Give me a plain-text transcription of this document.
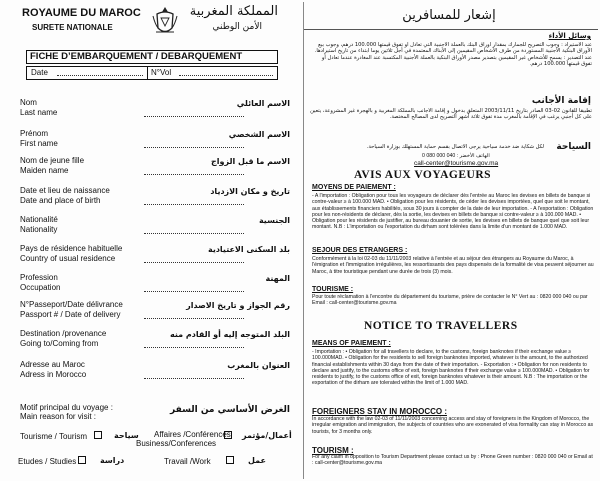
ROYAUME DU MAROC
SURETE NATIONALE
المملكة المغربية
الأمن الوطني
FICHE D’EMBARQUEMENT / DEBARQUEMENT
Date	N°Vol
Nom
Last name
الاسم العائلي
Prénom
First name
الاسم الشخصي
Nom de jeune fille
Maiden name
الاسم ما قبل الزواج
Date et lieu de naissance
Date and place of birth
تاريخ و مكان الازدياد
Nationalité
Nationality
الجنسية
Pays de résidence habituelle
Country of usual residence
بلد السكنى الاعتيادية
Profession
Occupation
المهنة
N°Passeport/Date délivrance
Passport # / Date of delivery
رقم الجواز و تاريخ الاصدار
Destination /provenance
Going to/Coming from
البلد المتوجه إليه أو القادم منه
Adresse au Maroc
Adress in Morocco
العنوان بالمغرب
Motif principal du voyage :
Main reason for visit :
الغرض الأساسي من السفر
Tourisme / Tourism	سياحة Affaires /Conférences
Business/Conferences
أعمال/مؤتمر
Etudes / Studies	دراسة	Travail /Work	عمل
إشعار للمسافرين
وسائل الأداء
عند الاستيراد : وجوب التصريح للجمارك بمقدار أوراق البنك بالعملة الأجنبية التي تعادل أو تفوق قيمتها 100.000 درهم، وجوب بيع الأوراق البنكية الأجنبية المستوردة من طرف الأشخاص المقيمين إلى الأبناك المعتمدة في أجل ثلاثين يوما ابتداء من تاريخ استيرادها. عند التصدير : يسمح للأشخاص غير المقيمين بتصدير مصدر الأوراق البنكية بالعملة الأجنبية المكتسبة عند المغادرة عندما تعادل أو تفوق قيمتها 100.000 درهم.
إقامة الأجانب
تطبيقا للقانون 02-03 الصادر بتاريخ 2003/11/11 المتعلق بدخول و إقامة الأجانب بالمملكة المغربية و بالهجرة غير المشروعة، يتعين على كل أجنبي يرغب في الإقامة بالمغرب مدة تفوق ثلاثة أشهر التصريح لدى المصالح المختصة.
السياحة
لكل شكاية ضد خدمة سياحية يرجى الاتصال بقسم حماية المستهلك بوزارة السياحة.
الهاتف الأخضر : 040 000 080 0
call-center@tourisme.gov.ma
AVIS AUX VOYAGEURS
MOYENS DE PAIEMENT :
- A l'importation : Obligation pour tous les voyageurs de déclarer dès l'entrée au Maroc les devises en billets de banque si contre-valeur ≥ à 100.000 MAD. • Obligation pour les résidents, de céder les devises importées, quel que soit le montant, aux établissements financiers habilités, sous 30 jours à compter de la date de leur importation. - A l'exportation : Obligation pour les non-résidents de déclarer, dès la sortie, les devises en billets de banque si contre-valeur ≥ à 100.000 MAD. • Obligation pour les résidents de justifier, au bureau douanier de sortie, les devises en billets de banque quel que soit leur montant. N.B : L'importation ou l'exportation du dirham sont tolérées dans la limite d'un montant de 1.000 MAD.
SEJOUR DES ETRANGERS :
Conformément à la loi 02-03 du 11/11/2003 relative à l'entrée et au séjour des étrangers au Royaume du Maroc, à l'émigration et l'immigration irrégulières, les ressortissants des pays dispensés de la formalité de visa peuvent séjourner au Maroc, à titre touristique pendant une durée de trois (3) mois.
TOURISME :
Pour toute réclamation à l'encontre du département du tourisme, prière de contacter le N° Vert au : 0820 000 040 ou par Email : call-center@tourisme.gov.ma
NOTICE TO TRAVELLERS
MEANS OF PAIEMENT :
- Importation : • Obligation for all travellers to declare, to the customs, foreign banknotes if their exchange value ≥ 100.000MAD. • Obligation for the residents to sell foreign banknotes imported, whatever is the amount, to the authorized financial establishments within 30 days from the date of their importation. - Exportation : • Obligation for non residents to declare and justify, to the customs office of exit, foreign banknotes if their exchange value ≥ 100.000MAD. • Obligation for residents to justify, to the customs office of exit, foreign banknotes whatever is their amount. N.B : The importation or the exportation of the dirham are tolerated within the limit of 1.000 MAD.
FOREIGNERS STAY IN MOROCCO :
In accordance with the law 02-03 of 11/11/2003 concerning access and stay of foreigners in the Kingdom of Morocco, the irregular emigration and immigration, the subjects of countries who are exonerated of visa formality can stay in Morocco as tourists, for 3 months only.
TOURISM :
For any claim in opposition to Tourism Department please contact us by : Phone Green number : 0820 000 040 or Email at : call-center@tourisme.gov.ma
